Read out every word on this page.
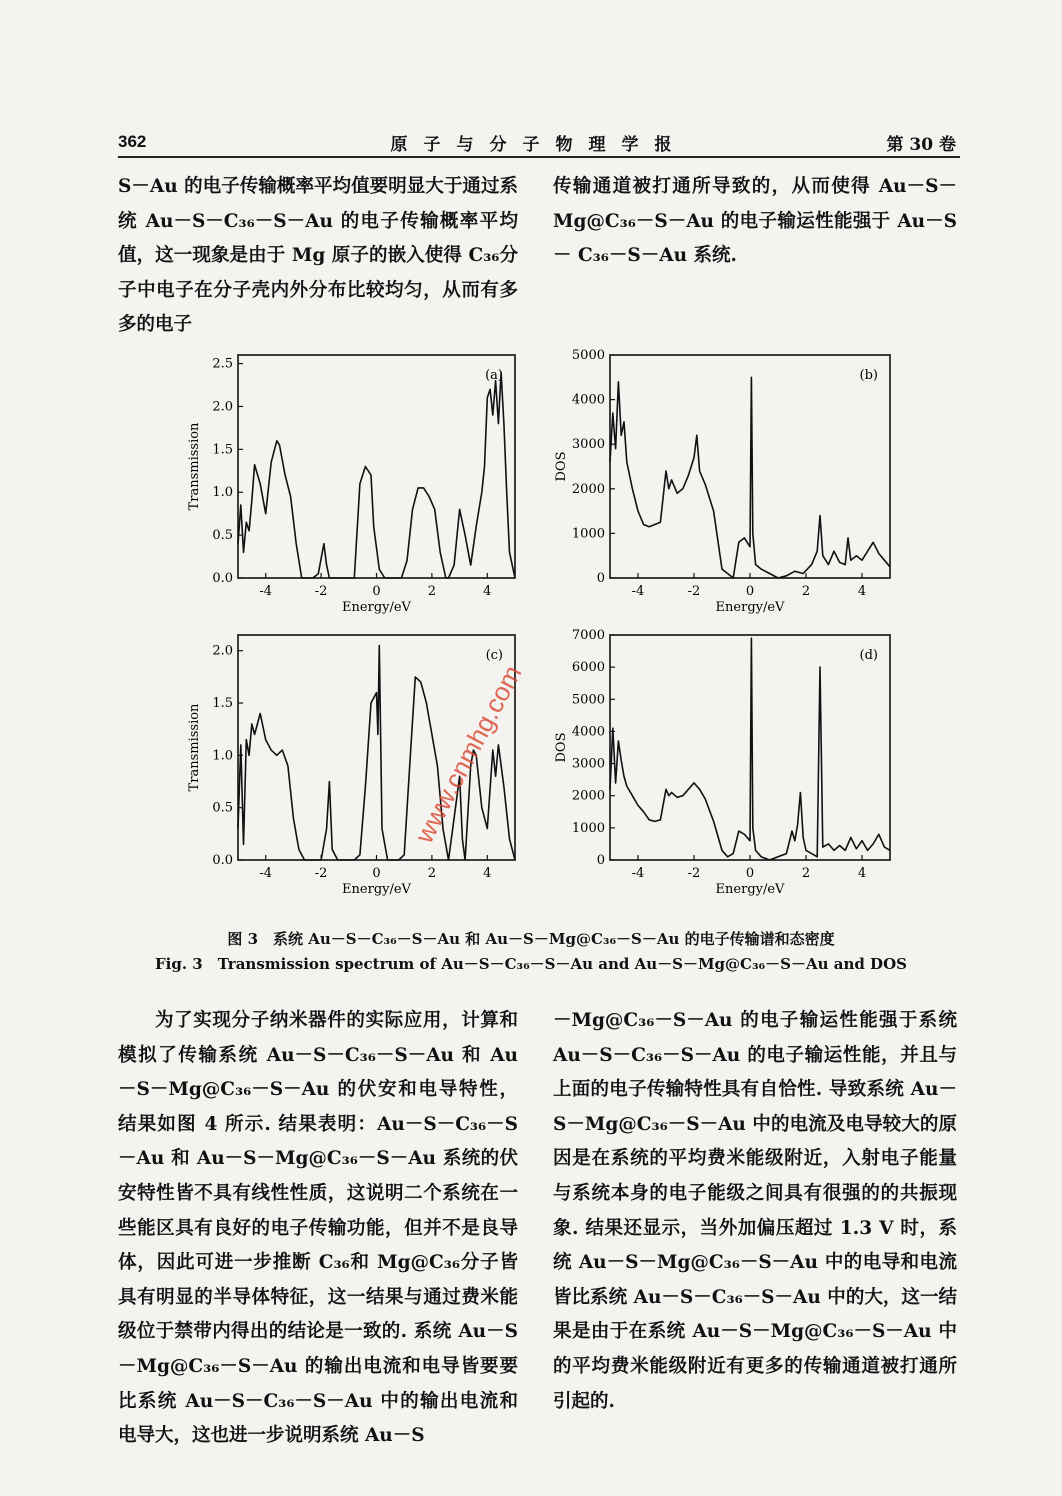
362	原子与分子物理学报	第 30 卷

S－Au 的电子传输概率平均值要明显大于通过系统 Au－S－C₃₆－S－Au 的电子传输概率平均值，这一现象是由于 Mg 原子的嵌入使得 C₃₆分子中电子在分子壳内外分布比较均匀，从而有多多的电子

传输通道被打通所导致的，从而使得 Au－S－Mg@C₃₆－S－Au 的电子输运性能强于 Au－S － C₃₆－S－Au 系统.

-4	-2	0	2	4
0.0
0.5
1.0
1.5
2.0
2.5
Energy/eV
Transmission
(a)
-4	-2	0	2	4
0
1000
2000
3000
4000
5000
Energy/eV
DOS
(b)
-4	-2	0	2	4
0.0
0.5
1.0
1.5
2.0
Energy/eV
Transmission
(c)
-4	-2	0	2	4
0
1000
2000
3000
4000
5000
6000
7000
Energy/eV
DOS
(d)
www.cnmhg.com
图 3　系统 Au－S－C₃₆－S－Au 和 Au－S－Mg@C₃₆－S－Au 的电子传输谱和态密度
Fig. 3　Transmission spectrum of Au－S－C₃₆－S－Au and Au－S－Mg@C₃₆－S－Au and DOS

为了实现分子纳米器件的实际应用，计算和模拟了传输系统 Au－S－C₃₆－S－Au 和 Au－S－Mg@C₃₆－S－Au 的伏安和电导特性，结果如图 4 所示. 结果表明：Au－S－C₃₆－S－Au 和 Au－S－Mg@C₃₆－S－Au 系统的伏安特性皆不具有线性性质，这说明二个系统在一些能区具有良好的电子传输功能，但并不是良导体，因此可进一步推断 C₃₆和 Mg@C₃₆分子皆具有明显的半导体特征，这一结果与通过费米能级位于禁带内得出的结论是一致的. 系统 Au－S－Mg@C₃₆－S－Au 的输出电流和电导皆要要比系统 Au－S－C₃₆－S－Au 中的输出电流和电导大，这也进一步说明系统 Au－S

－Mg@C₃₆－S－Au 的电子输运性能强于系统 Au－S－C₃₆－S－Au 的电子输运性能，并且与上面的电子传输特性具有自恰性. 导致系统 Au－S－Mg@C₃₆－S－Au 中的电流及电导较大的原因是在系统的平均费米能级附近，入射电子能量与系统本身的电子能级之间具有很强的的共振现象. 结果还显示，当外加偏压超过 1.3 V 时，系统 Au－S－Mg@C₃₆－S－Au 中的电导和电流皆比系统 Au－S－C₃₆－S－Au 中的大，这一结果是由于在系统 Au－S－Mg@C₃₆－S－Au 中的平均费米能级附近有更多的传输通道被打通所引起的.
